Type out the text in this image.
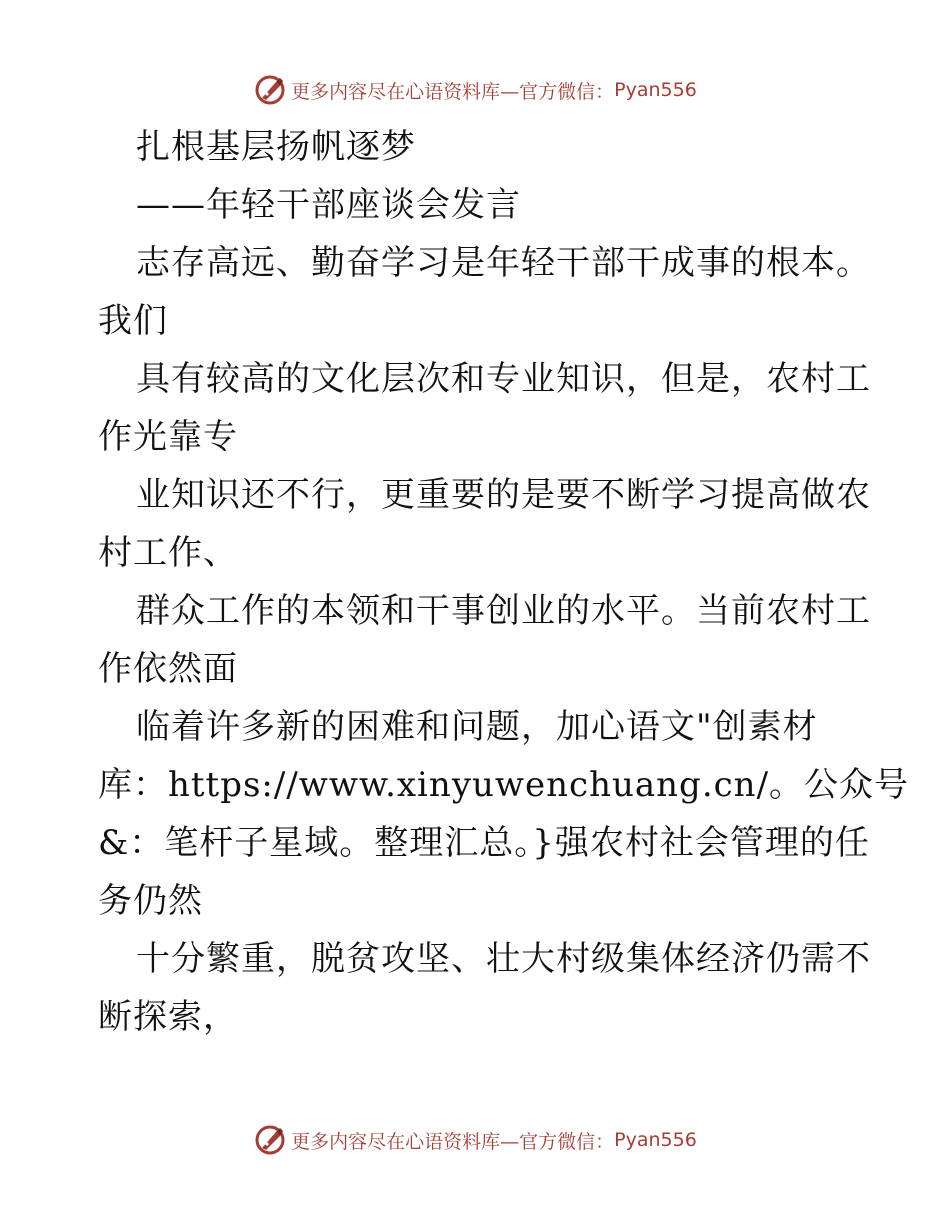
更多内容尽在心语资料库—官方微信： Pyan556
扎根基层扬帆逐梦
——年轻干部座谈会发言
志存高远、勤奋学习是年轻干部干成事的根本。
我们
具有较高的文化层次和专业知识，但是，农村工
作光靠专
业知识还不行，更重要的是要不断学习提高做农
村工作、
群众工作的本领和干事创业的水平。当前农村工
作依然面
临着许多新的困难和问题，加心语文"创素材
库：https://www.xinyuwenchuang.cn/。公众号
&：笔杆子星域。整理汇总。}强农村社会管理的任
务仍然
十分繁重，脱贫攻坚、壮大村级集体经济仍需不
断探索，
更多内容尽在心语资料库—官方微信： Pyan556
